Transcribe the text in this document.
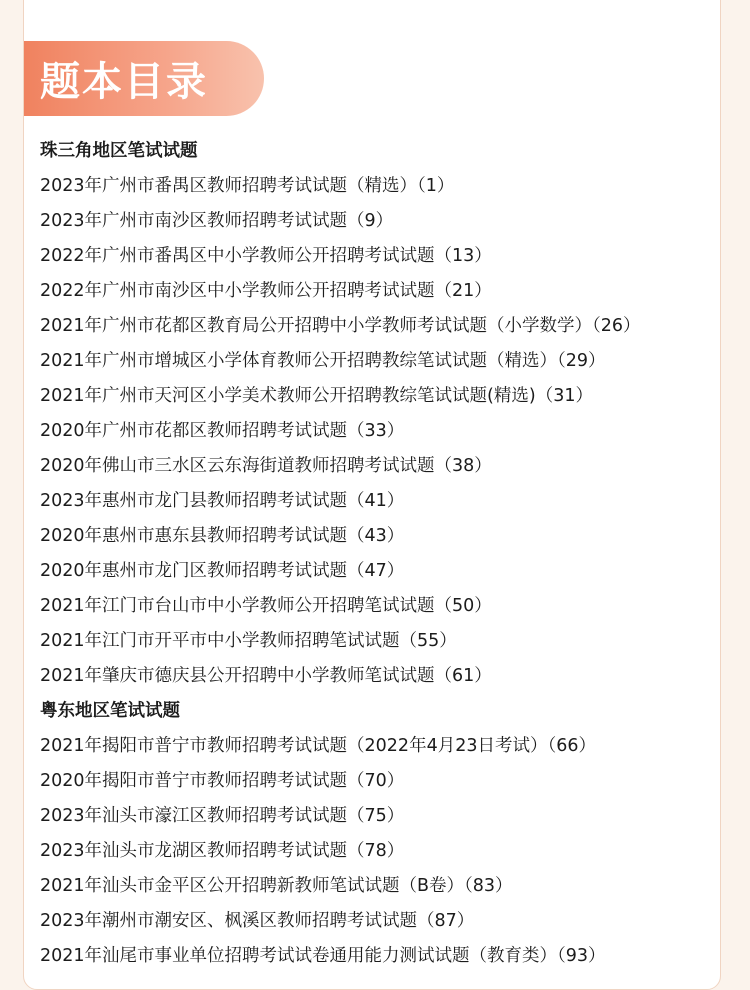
题本目录
珠三角地区笔试试题
2023年广州市番禺区教师招聘考试试题（精选）（1）
2023年广州市南沙区教师招聘考试试题（9）
2022年广州市番禺区中小学教师公开招聘考试试题（13）
2022年广州市南沙区中小学教师公开招聘考试试题（21）
2021年广州市花都区教育局公开招聘中小学教师考试试题（小学数学）（26）
2021年广州市增城区小学体育教师公开招聘教综笔试试题（精选）（29）
2021年广州市天河区小学美术教师公开招聘教综笔试试题(精选)（31）
2020年广州市花都区教师招聘考试试题（33）
2020年佛山市三水区云东海街道教师招聘考试试题（38）
2023年惠州市龙门县教师招聘考试试题（41）
2020年惠州市惠东县教师招聘考试试题（43）
2020年惠州市龙门区教师招聘考试试题（47）
2021年江门市台山市中小学教师公开招聘笔试试题（50）
2021年江门市开平市中小学教师招聘笔试试题（55）
2021年肇庆市德庆县公开招聘中小学教师笔试试题（61）
粤东地区笔试试题
2021年揭阳市普宁市教师招聘考试试题（2022年4月23日考试）（66）
2020年揭阳市普宁市教师招聘考试试题（70）
2023年汕头市濠江区教师招聘考试试题（75）
2023年汕头市龙湖区教师招聘考试试题（78）
2021年汕头市金平区公开招聘新教师笔试试题（B卷）（83）
2023年潮州市潮安区、枫溪区教师招聘考试试题（87）
2021年汕尾市事业单位招聘考试试卷通用能力测试试题（教育类）（93）
